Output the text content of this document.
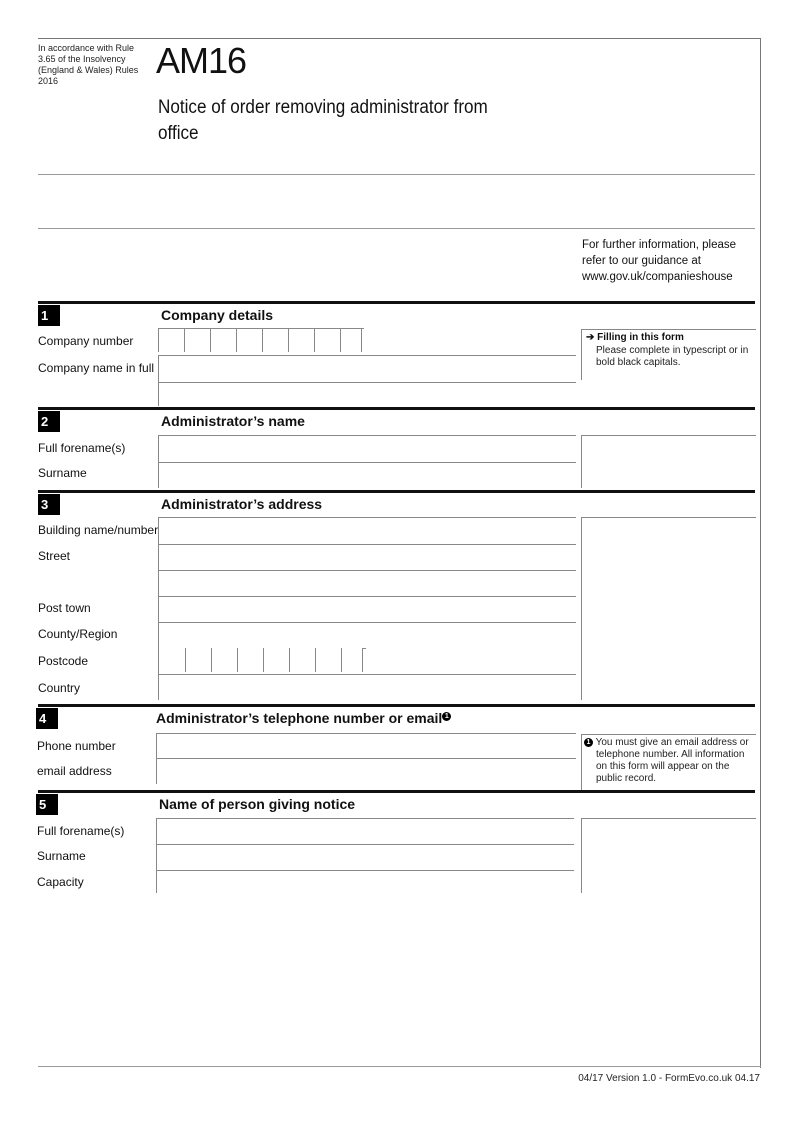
In accordance with Rule
3.65 of the Insolvency
(England & Wales) Rules
2016	AM16
Notice of order removing administrator from
office
For further information, please
refer to our guidance at
www.gov.uk/companieshouse
1	Company details
Company number
Company name in full
➔ Filling in this form
Please complete in typescript or in
bold black capitals.
2	Administrator’s name
Full forename(s)
Surname
3	Administrator’s address
Building name/number
Street
Post town
County/Region
Postcode
Country
4	Administrator’s telephone number or email 1
Phone number
email address
1 You must give an email address or
telephone number. All information
on this form will appear on the
public record.
5	Name of person giving notice
Full forename(s)
Surname
Capacity
04/17 Version 1.0 - FormEvo.co.uk 04.17
